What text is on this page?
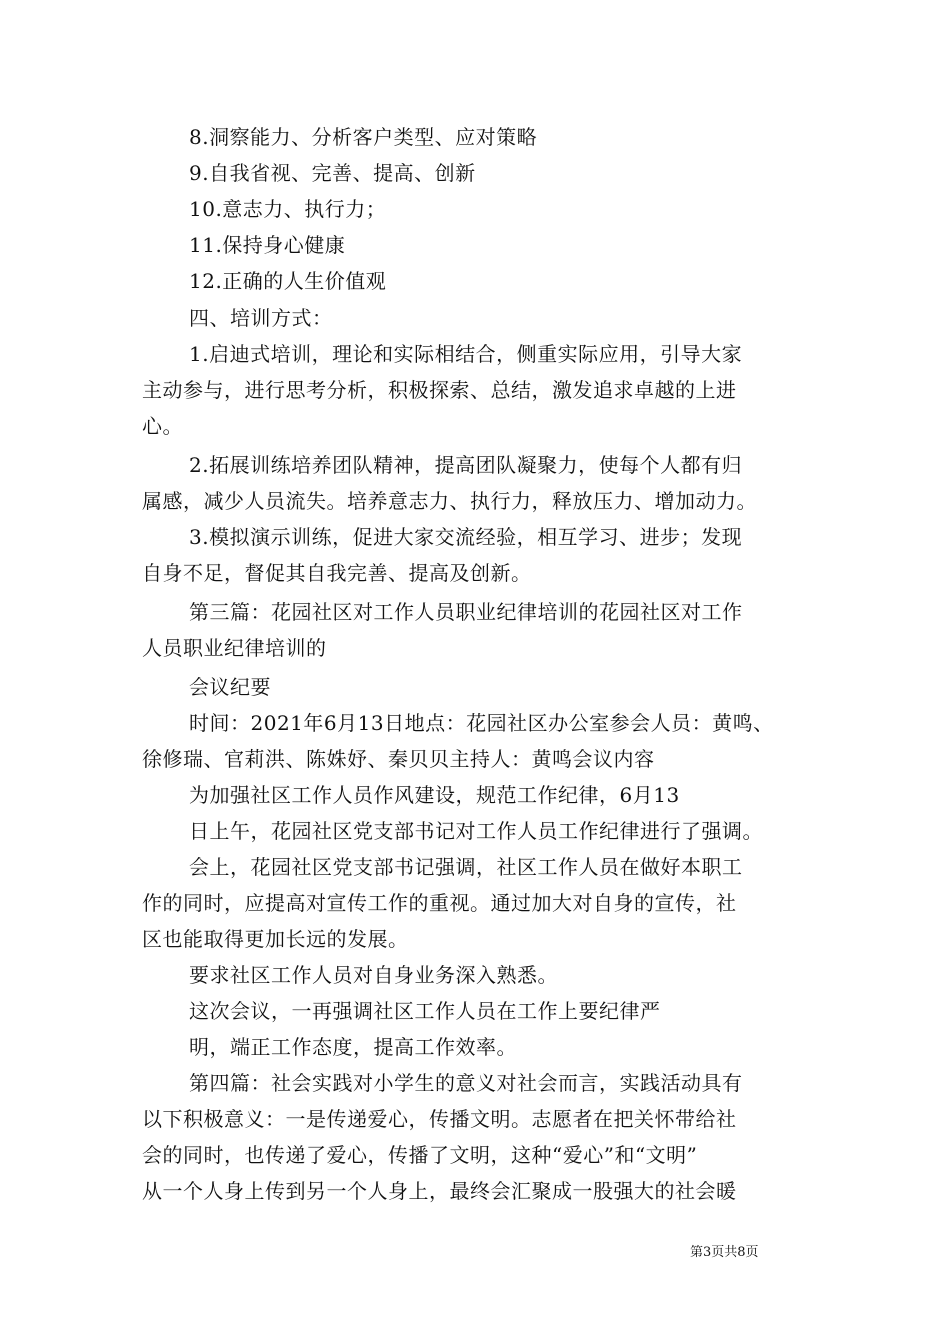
8.洞察能力、分析客户类型、应对策略
9.自我省视、完善、提高、创新
10.意志力、执行力；
11.保持身心健康
12.正确的人生价值观
四、培训方式：
1.启迪式培训，理论和实际相结合，侧重实际应用，引导大家
主动参与，进行思考分析，积极探索、总结，激发追求卓越的上进
心。
2.拓展训练培养团队精神，提高团队凝聚力，使每个人都有归
属感，减少人员流失。培养意志力、执行力，释放压力、增加动力。
3.模拟演示训练，促进大家交流经验，相互学习、进步；发现
自身不足，督促其自我完善、提高及创新。
第三篇：花园社区对工作人员职业纪律培训的花园社区对工作
人员职业纪律培训的
会议纪要
时间：2021年6月13日地点：花园社区办公室参会人员：黄鸣、
徐修瑞、官莉洪、陈姝妤、秦贝贝主持人：黄鸣会议内容
为加强社区工作人员作风建设，规范工作纪律，6月13
日上午，花园社区党支部书记对工作人员工作纪律进行了强调。
会上，花园社区党支部书记强调，社区工作人员在做好本职工
作的同时，应提高对宣传工作的重视。通过加大对自身的宣传，社
区也能取得更加长远的发展。
要求社区工作人员对自身业务深入熟悉。
这次会议，一再强调社区工作人员在工作上要纪律严
明，端正工作态度，提高工作效率。
第四篇：社会实践对小学生的意义对社会而言，实践活动具有
以下积极意义：一是传递爱心，传播文明。志愿者在把关怀带给社
会的同时，也传递了爱心，传播了文明，这种“爱心”和“文明”
从一个人身上传到另一个人身上，最终会汇聚成一股强大的社会暖
第3页共8页
